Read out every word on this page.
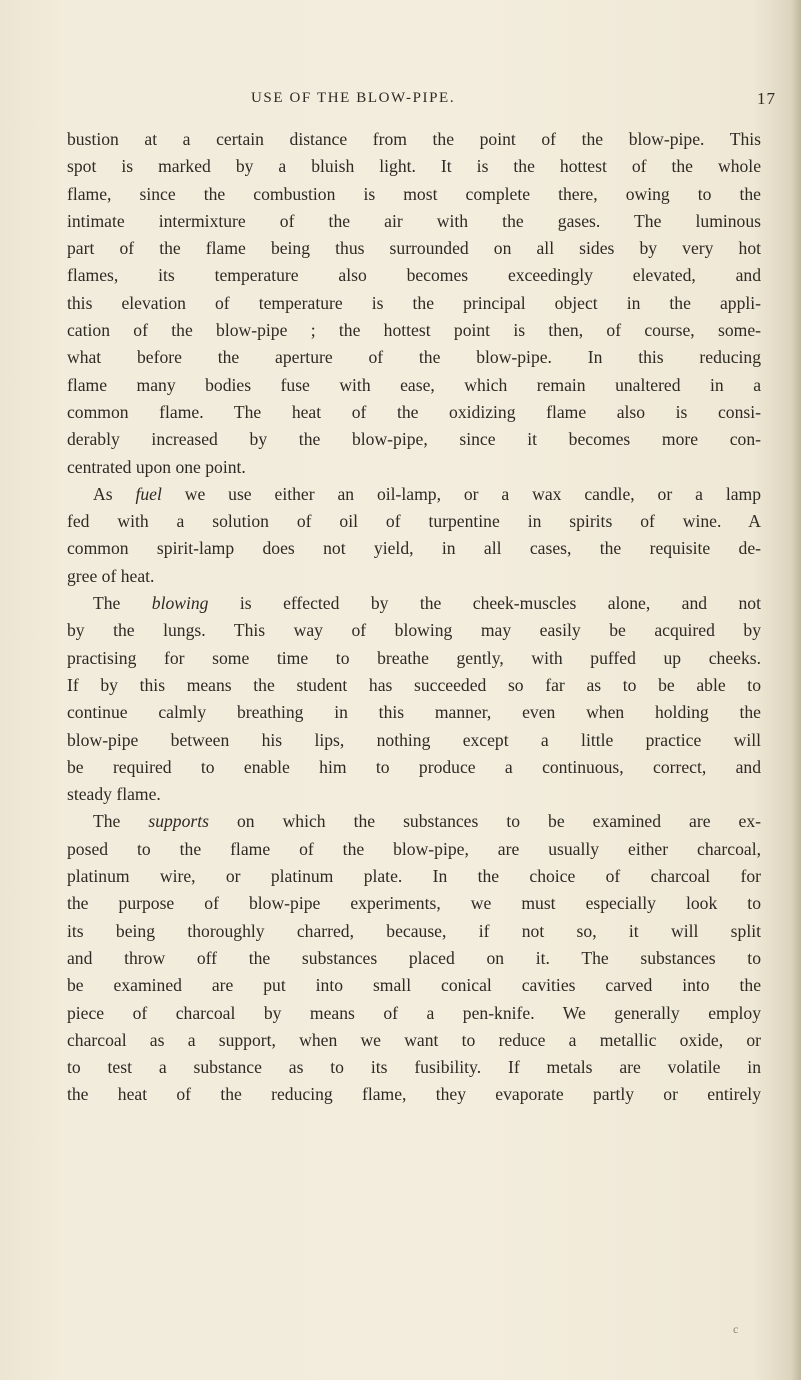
USE OF THE BLOW-PIPE.	17
bustion at a certain distance from the point of the blow-pipe. This
spot is marked by a bluish light. It is the hottest of the whole
flame, since the combustion is most complete there, owing to the
intimate intermixture of the air with the gases. The luminous
part of the flame being thus surrounded on all sides by very hot
flames, its temperature also becomes exceedingly elevated, and
this elevation of temperature is the principal object in the appli-
cation of the blow-pipe ; the hottest point is then, of course, some-
what before the aperture of the blow-pipe. In this reducing
flame many bodies fuse with ease, which remain unaltered in a
common flame. The heat of the oxidizing flame also is consi-
derably increased by the blow-pipe, since it becomes more con-
centrated upon one point.
As fuel we use either an oil-lamp, or a wax candle, or a lamp
fed with a solution of oil of turpentine in spirits of wine. A
common spirit-lamp does not yield, in all cases, the requisite de-
gree of heat.
The blowing is effected by the cheek-muscles alone, and not
by the lungs. This way of blowing may easily be acquired by
practising for some time to breathe gently, with puffed up cheeks.
If by this means the student has succeeded so far as to be able to
continue calmly breathing in this manner, even when holding the
blow-pipe between his lips, nothing except a little practice will
be required to enable him to produce a continuous, correct, and
steady flame.
The supports on which the substances to be examined are ex-
posed to the flame of the blow-pipe, are usually either charcoal,
platinum wire, or platinum plate. In the choice of charcoal for
the purpose of blow-pipe experiments, we must especially look to
its being thoroughly charred, because, if not so, it will split
and throw off the substances placed on it. The substances to
be examined are put into small conical cavities carved into the
piece of charcoal by means of a pen-knife. We generally employ
charcoal as a support, when we want to reduce a metallic oxide, or
to test a substance as to its fusibility. If metals are volatile in
the heat of the reducing flame, they evaporate partly or entirely
c
